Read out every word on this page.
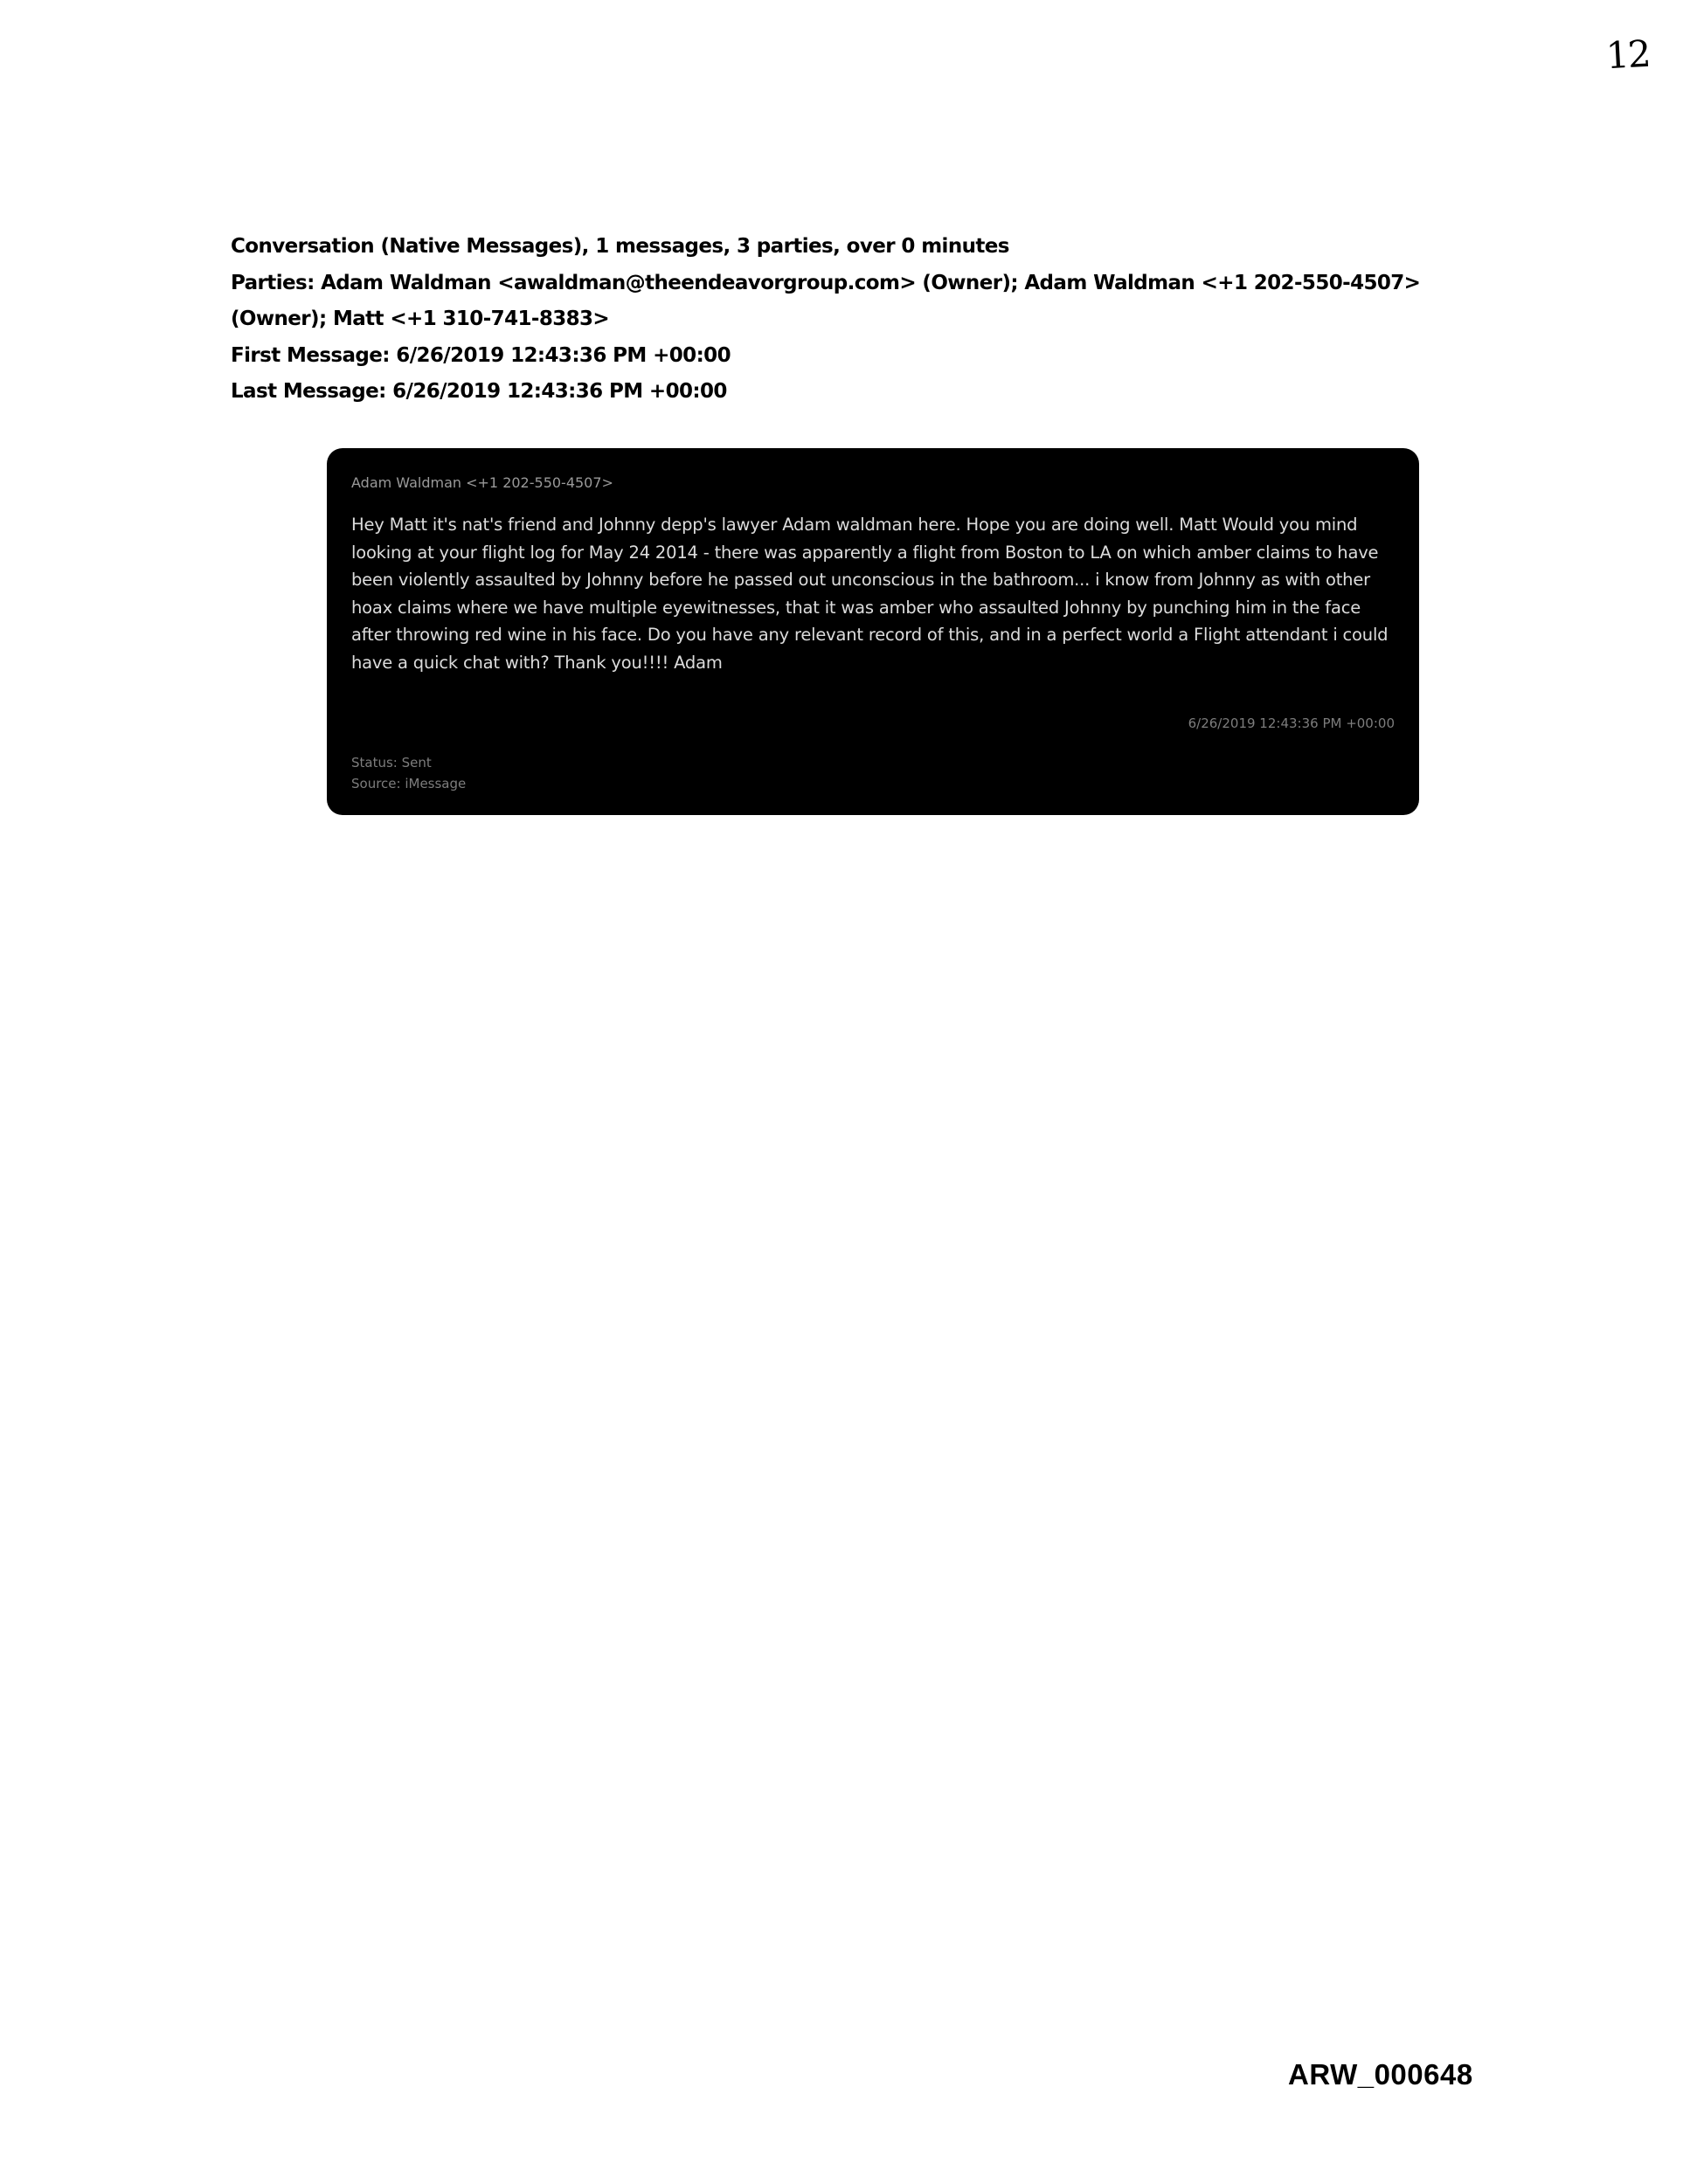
12
Conversation (Native Messages), 1 messages, 3 parties, over 0 minutes
Parties: Adam Waldman <awaldman@theendeavorgroup.com> (Owner); Adam Waldman <+1 202-550-4507>
(Owner); Matt <+1 310-741-8383>
First Message: 6/26/2019 12:43:36 PM +00:00
Last Message: 6/26/2019 12:43:36 PM +00:00
Adam Waldman <+1 202-550-4507>
Hey Matt it's nat's friend and Johnny depp's lawyer Adam waldman here. Hope you are doing well. Matt Would you mind looking at your flight log for May 24 2014 - there was apparently a flight from Boston to LA on which amber claims to have been violently assaulted by Johnny before he passed out unconscious in the bathroom... i know from Johnny as with other hoax claims where we have multiple eyewitnesses, that it was amber who assaulted Johnny by punching him in the face after throwing red wine in his face. Do you have any relevant record of this, and in a perfect world a Flight attendant i could have a quick chat with? Thank you!!!! Adam
6/26/2019 12:43:36 PM +00:00
Status: Sent
Source: iMessage
ARW_000648
